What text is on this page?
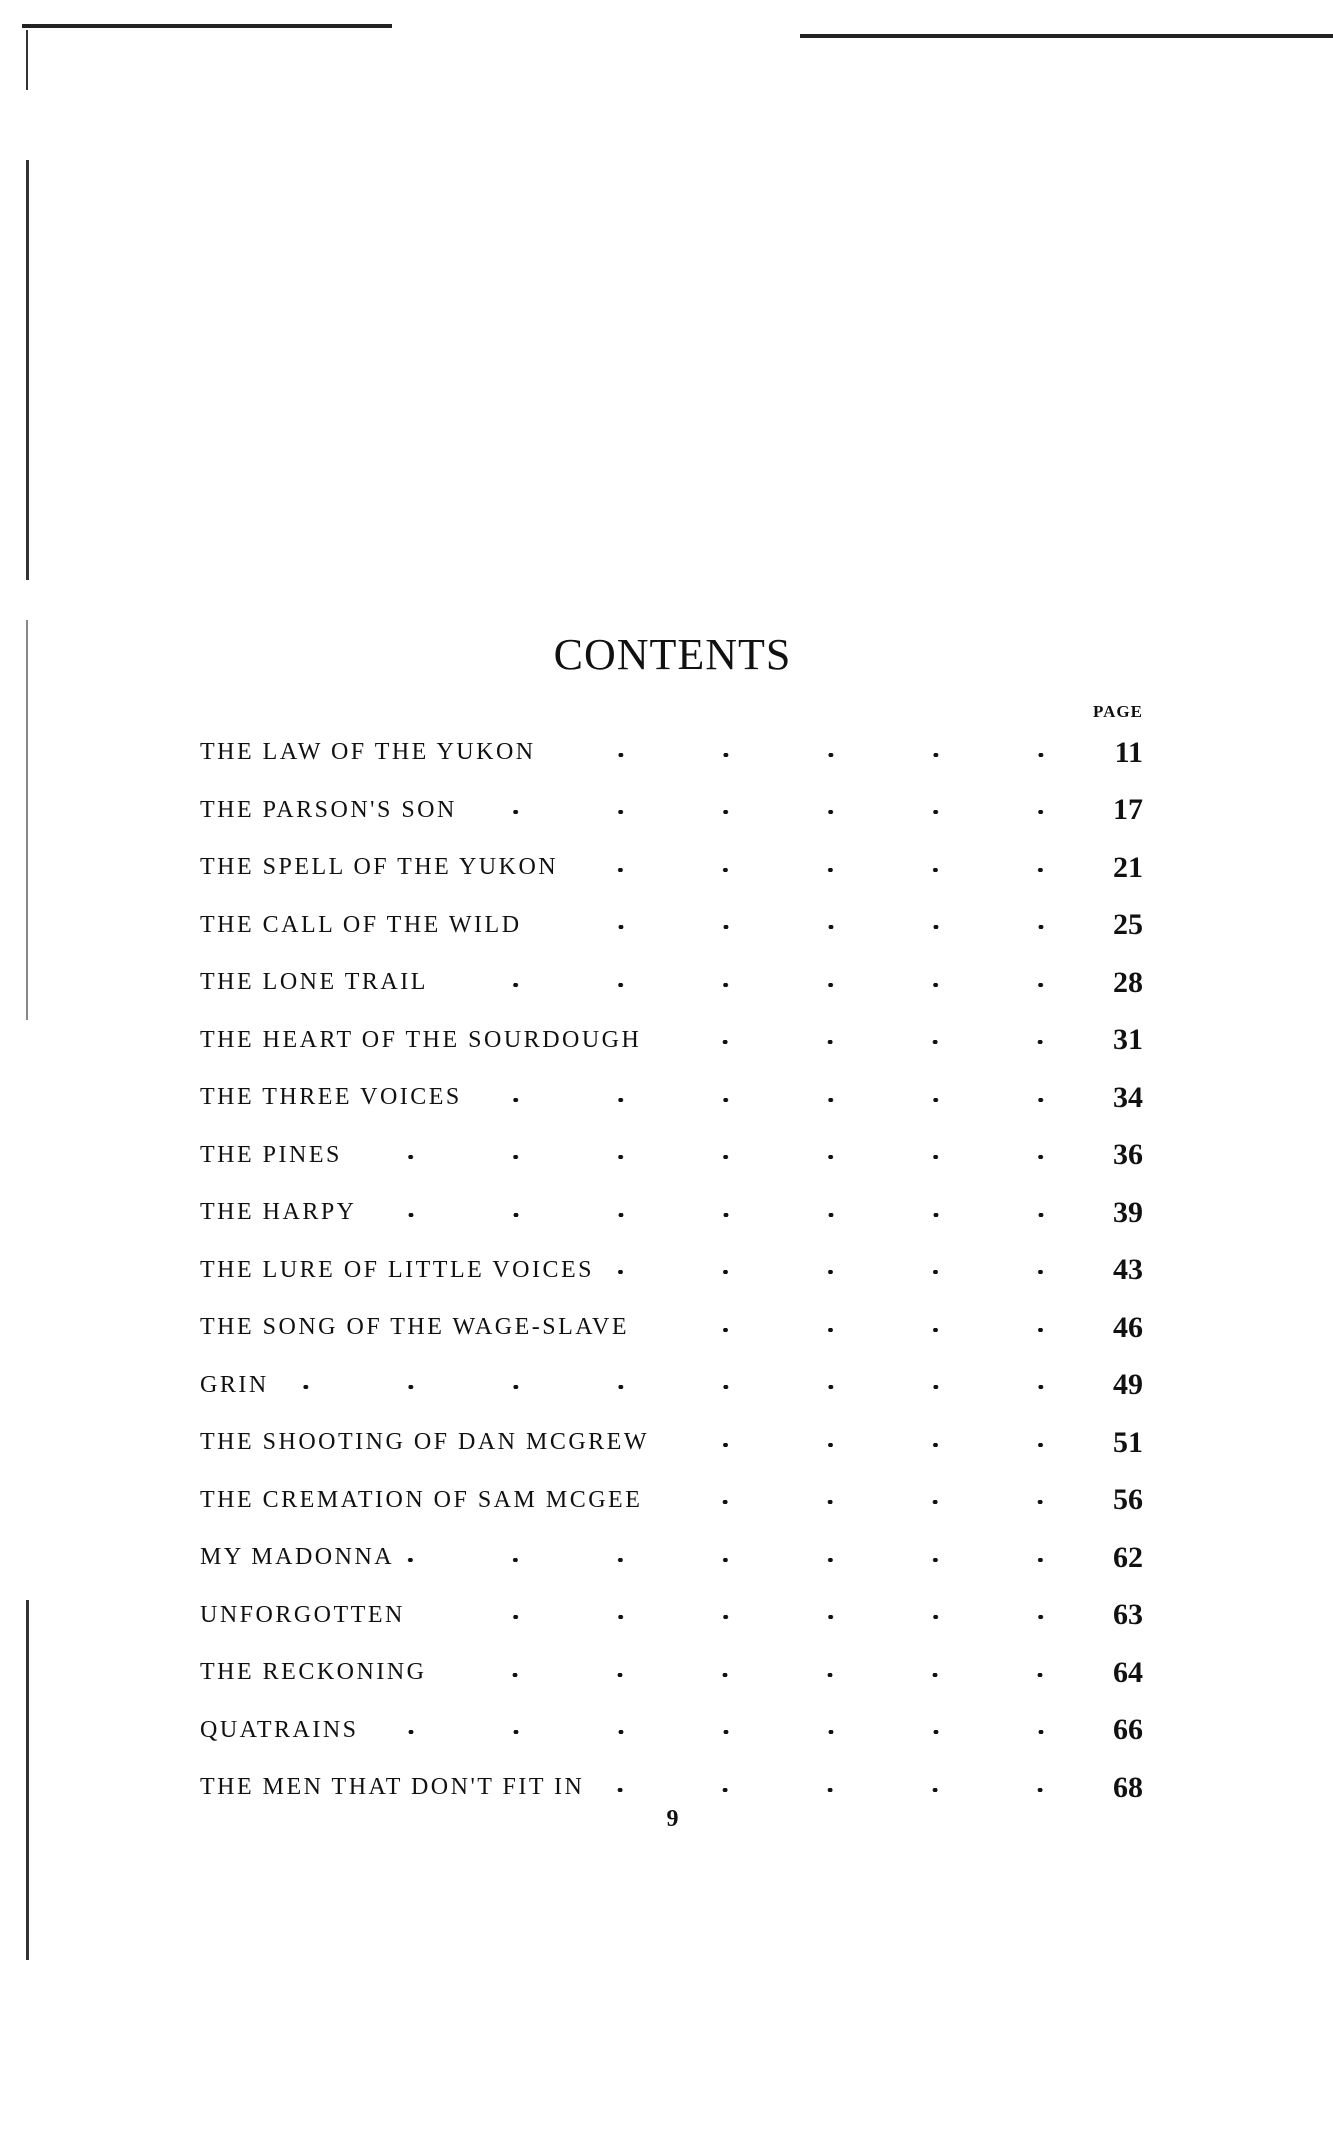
CONTENTS
PAGE
THE LAW OF THE YUKON	11
THE PARSON'S SON	17
THE SPELL OF THE YUKON	21
THE CALL OF THE WILD	25
THE LONE TRAIL	28
THE HEART OF THE SOURDOUGH	31
THE THREE VOICES	34
THE PINES	36
THE HARPY	39
THE LURE OF LITTLE VOICES	43
THE SONG OF THE WAGE-SLAVE	46
GRIN	49
THE SHOOTING OF DAN MCGREW	51
THE CREMATION OF SAM MCGEE	56
MY MADONNA	62
UNFORGOTTEN	63
THE RECKONING	64
QUATRAINS	66
THE MEN THAT DON'T FIT IN	68
9
